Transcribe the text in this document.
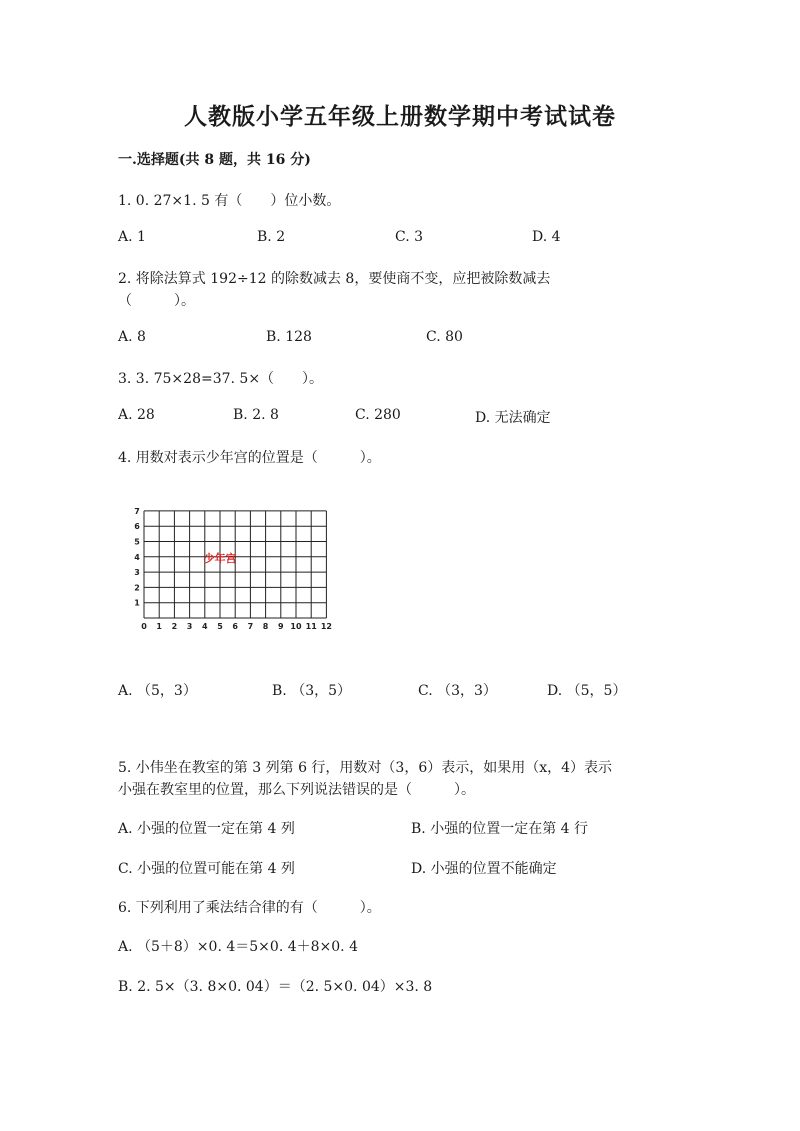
人教版小学五年级上册数学期中考试试卷
一.选择题(共 8 题，共 16 分)
1. 0. 27×1. 5 有（　　）位小数。
A. 1	B. 2	C. 3	D. 4
2. 将除法算式 192÷12 的除数减去 8，要使商不变，应把被除数减去
（　　　）。
A. 8	B. 128	C. 80
3. 3. 75×28=37. 5×（　　）。
A. 28	B. 2. 8	C. 280	D. 无法确定
4. 用数对表示少年宫的位置是（　　　）。
0 1 2 3 4 5 6 7 8 9 10 11 12
1
2
3
4
5
6
7
少年宫
A. （5，3）	B. （3，5）	C. （3，3）	D. （5，5）
5. 小伟坐在教室的第 3 列第 6 行，用数对（3，6）表示，如果用（x，4）表示
小强在教室里的位置，那么下列说法错误的是（　　　）。
A. 小强的位置一定在第 4 列	B. 小强的位置一定在第 4 行
C. 小强的位置可能在第 4 列	D. 小强的位置不能确定
6. 下列利用了乘法结合律的有（　　　）。
A. （5＋8）×0. 4＝5×0. 4＋8×0. 4
B. 2. 5×（3. 8×0. 04）＝（2. 5×0. 04）×3. 8
